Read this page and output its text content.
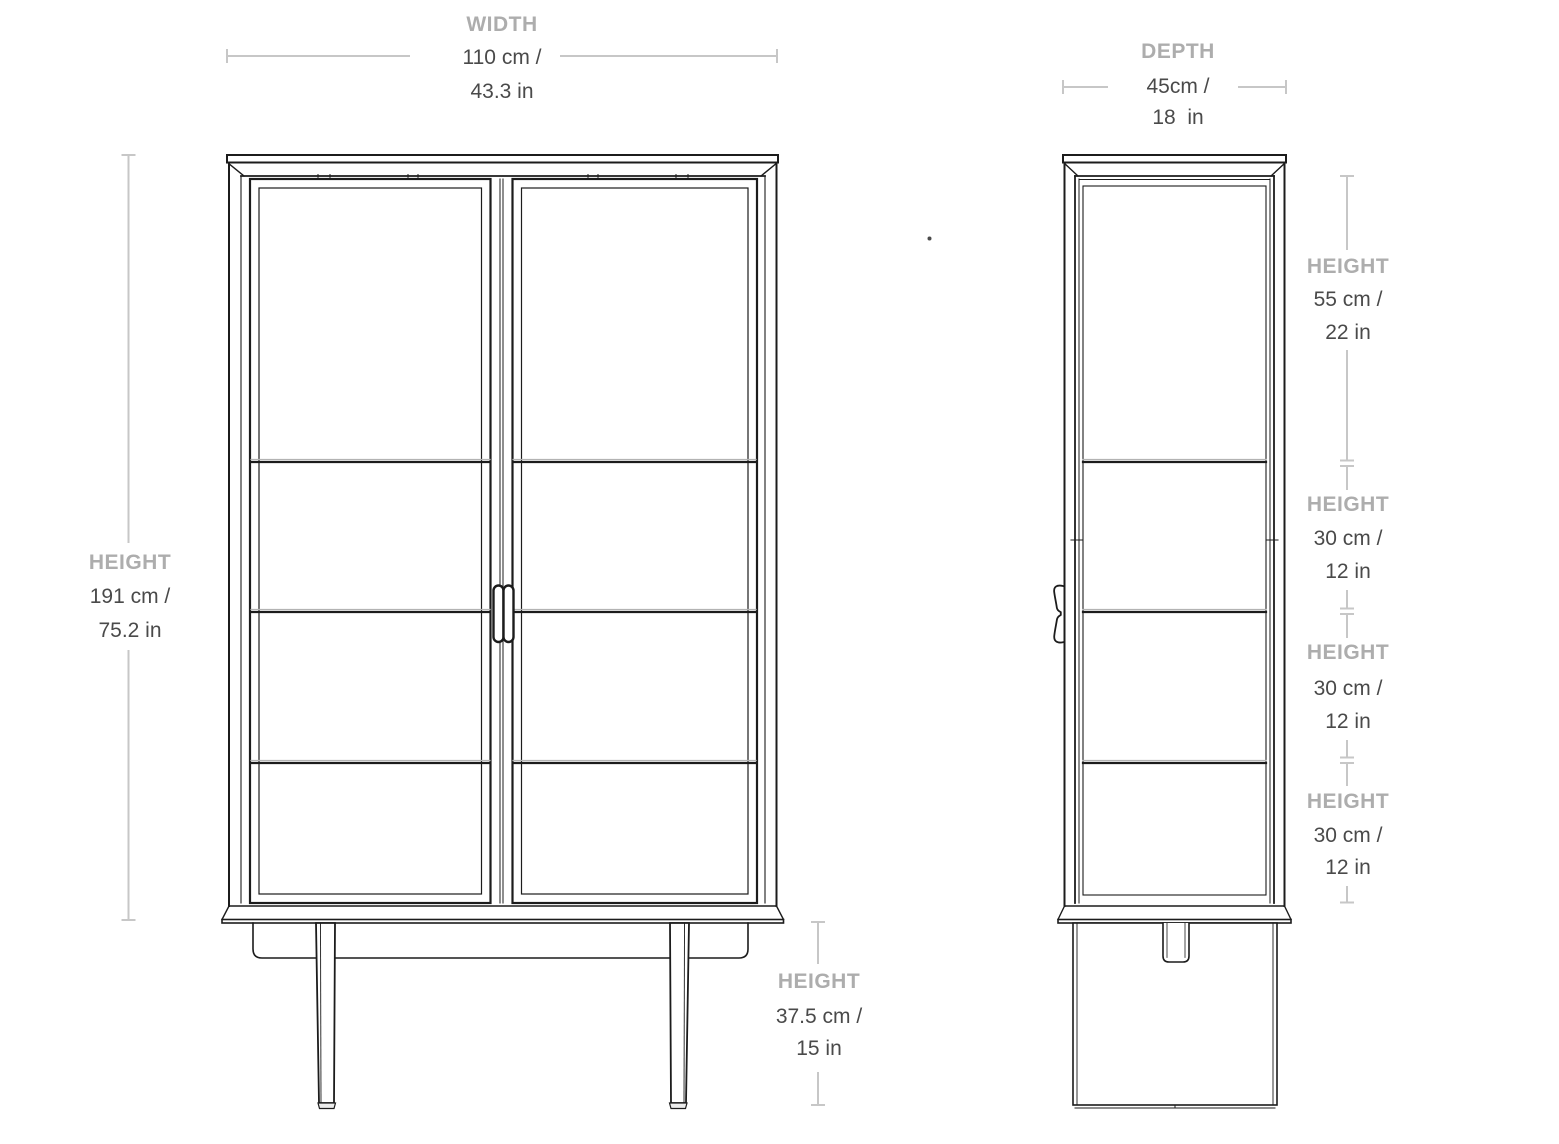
WIDTH
110 cm /
43.3 in
DEPTH
45cm /
18  in
HEIGHT
191 cm /
75.2 in
HEIGHT
37.5 cm /
15 in
HEIGHT
55 cm /
22 in
HEIGHT
30 cm /
12 in
HEIGHT
30 cm /
12 in
HEIGHT
30 cm /
12 in
